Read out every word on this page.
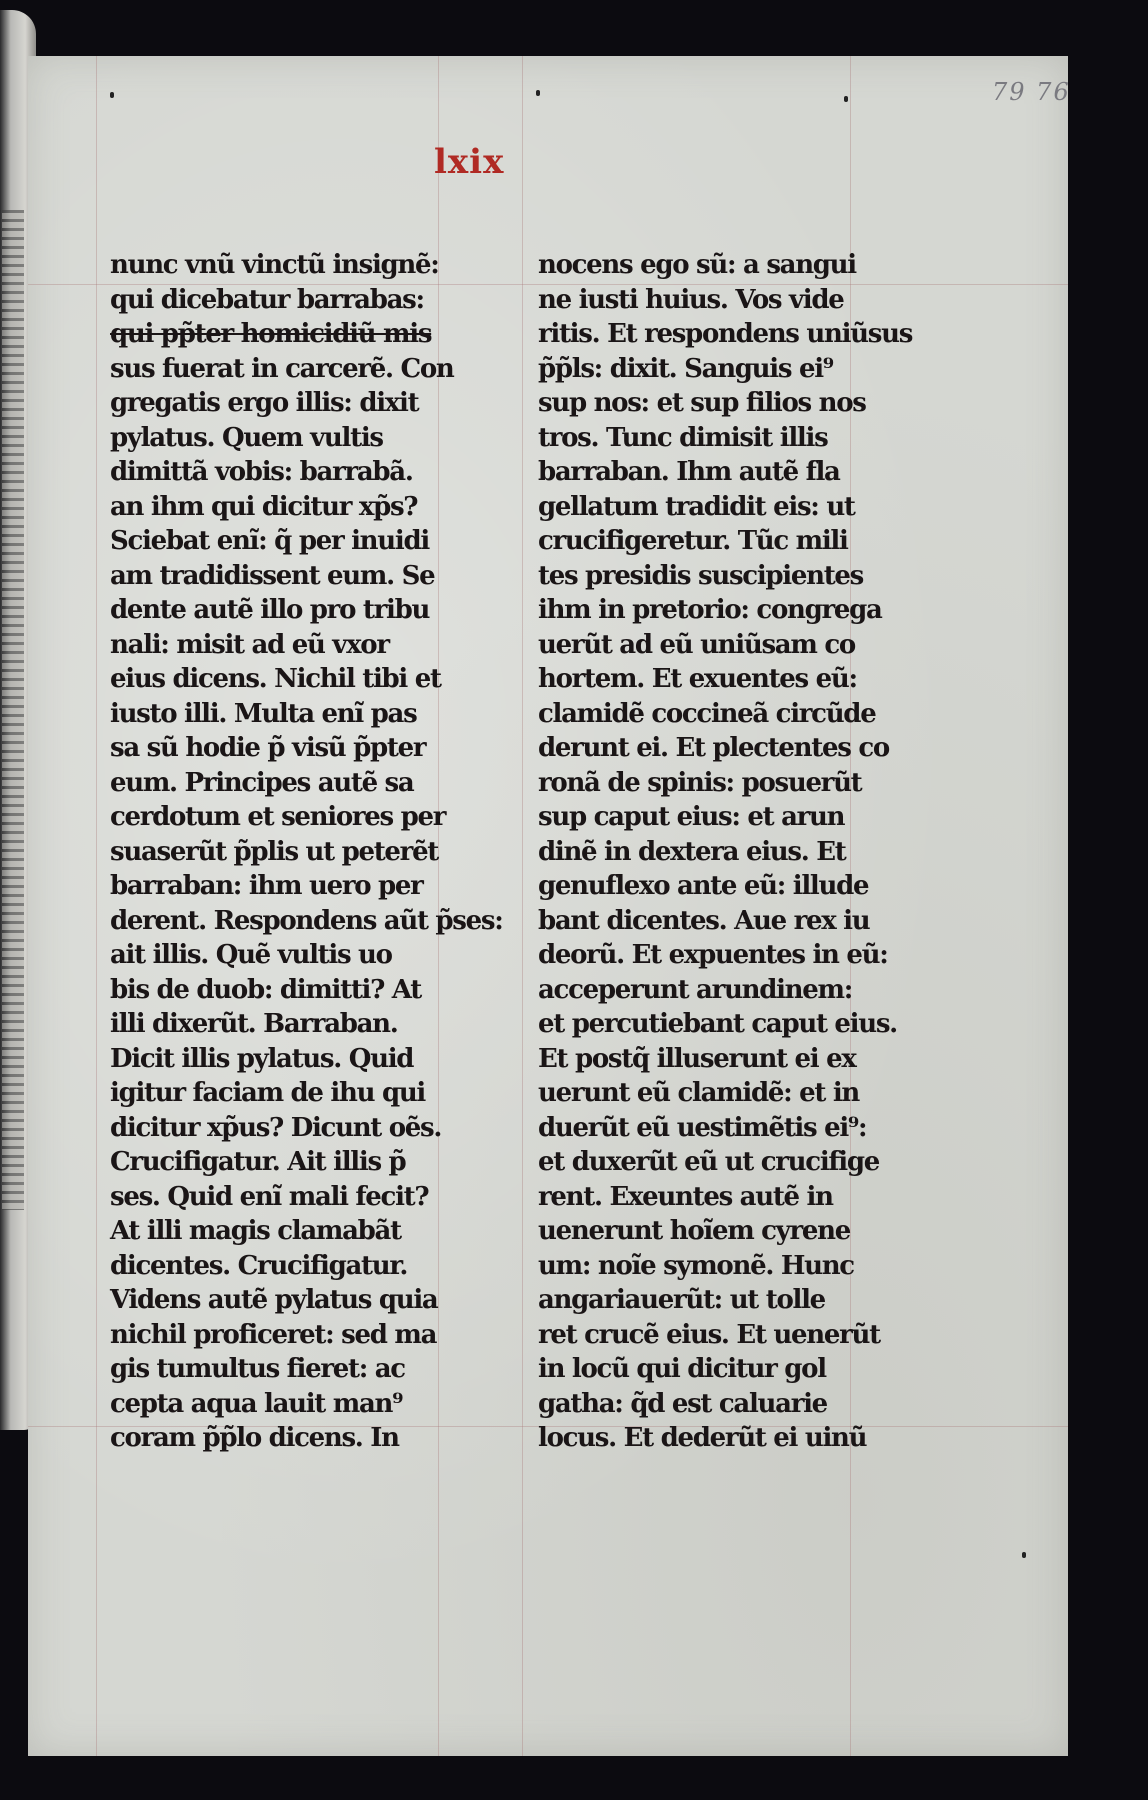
79 76
lxix
nunc vnũ vinctũ insignẽ:
qui dicebatur barrabas:
qui pp̃ter homicidiũ mis
sus fuerat in carcerẽ. Con
gregatis ergo illis: dixit
pylatus. Quem vultis
dimittã vobis: barrabã.
an ihm qui dicitur xp̃s?
Sciebat enĩ: q̃ per inuidi
am tradidissent eum. Se
dente autẽ illo pro tribu
nali: misit ad eũ vxor
eius dicens. Nichil tibi et
iusto illi. Multa enĩ pas
sa sũ hodie p̃ visũ p̃pter
eum. Principes autẽ sa
cerdotum et seniores per
suaserũt p̃plis ut peterẽt
barraban: ihm uero per
derent. Respondens aũt p̃ses:
ait illis. Quẽ vultis uo
bis de duob: dimitti? At
illi dixerũt. Barraban.
Dicit illis pylatus. Quid
igitur faciam de ihu qui
dicitur xp̃us? Dicunt oẽs.
Crucifigatur. Ait illis p̃
ses. Quid enĩ mali fecit?
At illi magis clamabãt
dicentes. Crucifigatur.
Videns autẽ pylatus quia
nichil proficeret: sed ma
gis tumultus fieret: ac
cepta aqua lauit man⁹
coram p̃p̃lo dicens. In
nocens ego sũ: a sangui
ne iusti huius. Vos vide
ritis. Et respondens uniũsus
p̃p̃ls: dixit. Sanguis ei⁹
sup nos: et sup filios nos
tros. Tunc dimisit illis
barraban. Ihm autẽ fla
gellatum tradidit eis: ut
crucifigeretur. Tũc mili
tes presidis suscipientes
ihm in pretorio: congrega
uerũt ad eũ uniũsam co
hortem. Et exuentes eũ:
clamidẽ coccineã circũde
derunt ei. Et plectentes co
ronã de spinis: posuerũt
sup caput eius: et arun
dinẽ in dextera eius. Et
genuflexo ante eũ: illude
bant dicentes. Aue rex iu
deorũ. Et expuentes in eũ:
acceperunt arundinem:
et percutiebant caput eius.
Et postq̃ illuserunt ei ex
uerunt eũ clamidẽ: et in
duerũt eũ uestimẽtis ei⁹:
et duxerũt eũ ut crucifige
rent. Exeuntes autẽ in
uenerunt hoĩem cyrene
um: noĩe symonẽ. Hunc
angariauerũt: ut tolle
ret crucẽ eius. Et uenerũt
in locũ qui dicitur gol
gatha: q̃d est caluarie
locus. Et dederũt ei uinũ
